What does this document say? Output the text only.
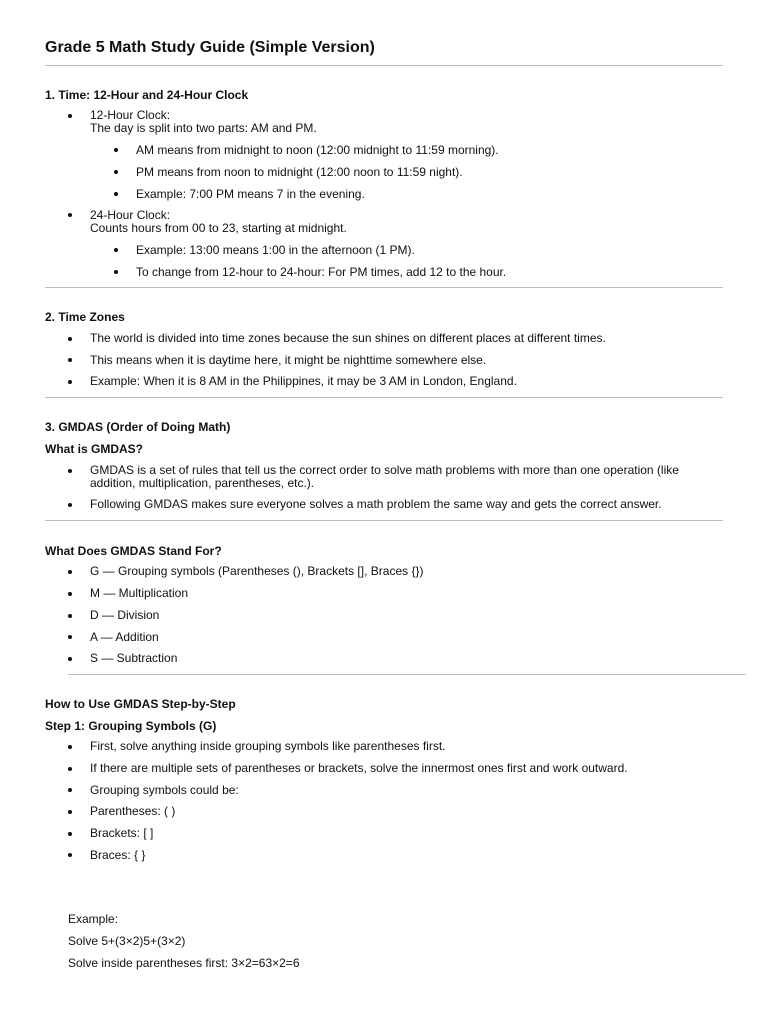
Grade 5 Math Study Guide (Simple Version)
1. Time: 12-Hour and 24-Hour Clock
12-Hour Clock:
The day is split into two parts: AM and PM.
AM means from midnight to noon (12:00 midnight to 11:59 morning).
PM means from noon to midnight (12:00 noon to 11:59 night).
Example: 7:00 PM means 7 in the evening.
24-Hour Clock:
Counts hours from 00 to 23, starting at midnight.
Example: 13:00 means 1:00 in the afternoon (1 PM).
To change from 12-hour to 24-hour: For PM times, add 12 to the hour.
2. Time Zones
The world is divided into time zones because the sun shines on different places at different times.
This means when it is daytime here, it might be nighttime somewhere else.
Example: When it is 8 AM in the Philippines, it may be 3 AM in London, England.
3. GMDAS (Order of Doing Math)
What is GMDAS?
GMDAS is a set of rules that tell us the correct order to solve math problems with more than one operation (like addition, multiplication, parentheses, etc.).
Following GMDAS makes sure everyone solves a math problem the same way and gets the correct answer.
What Does GMDAS Stand For?
G — Grouping symbols (Parentheses (), Brackets [], Braces {})
M — Multiplication
D — Division
A — Addition
S — Subtraction
How to Use GMDAS Step-by-Step
Step 1: Grouping Symbols (G)
First, solve anything inside grouping symbols like parentheses first.
If there are multiple sets of parentheses or brackets, solve the innermost ones first and work outward.
Grouping symbols could be:
Parentheses: ( )
Brackets: [ ]
Braces: { }
Example:
Solve 5+(3×2)5+(3×2)
Solve inside parentheses first: 3×2=63×2=6
